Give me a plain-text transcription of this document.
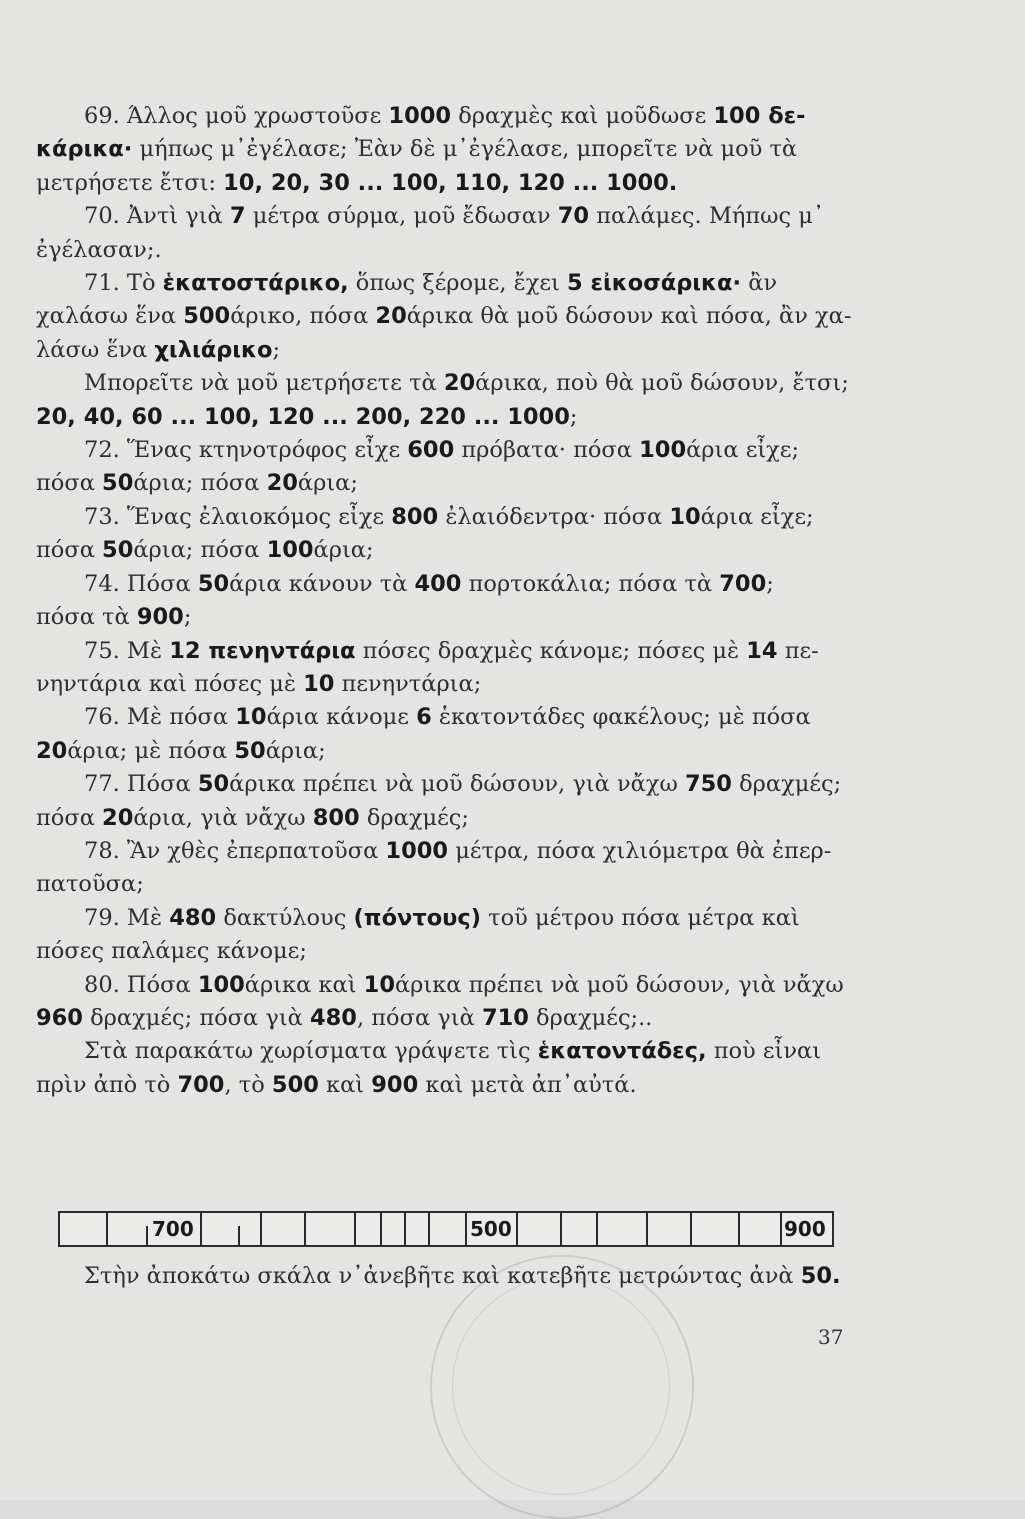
69. Άλλος μοῦ χρωστοῦσε 1000 δραχμὲς καὶ μοῦδωσε 100 δε-

κάρικα· μήπως μ᾽ἐγέλασε; Ἐὰν δὲ μ᾽ἐγέλασε, μπορεῖτε νὰ μοῦ τὰ

μετρήσετε ἔτσι: 10, 20, 30 ... 100, 110, 120 ... 1000.

70. Ἀντὶ γιὰ 7 μέτρα σύρμα, μοῦ ἔδωσαν 70 παλάμες. Μήπως μ᾽

ἐγέλασαν;.

71. Τὸ ἑκατοστάρικο, ὅπως ξέρομε, ἔχει 5 εἰκοσάρικα· ἂν

χαλάσω ἕνα 500άρικο, πόσα 20άρικα θὰ μοῦ δώσουν καὶ πόσα, ἂν χα-

λάσω ἕνα χιλιάρικο;

Μπορεῖτε νὰ μοῦ μετρήσετε τὰ 20άρικα, ποὺ θὰ μοῦ δώσουν, ἔτσι;

20, 40, 60 ... 100, 120 ... 200, 220 ... 1000;

72. Ἕνας κτηνοτρόφος εἶχε 600 πρόβατα· πόσα 100άρια εἶχε;

πόσα 50άρια; πόσα 20άρια;

73. Ἕνας ἐλαιοκόμος εἶχε 800 ἐλαιόδεντρα· πόσα 10άρια εἶχε;

πόσα 50άρια; πόσα 100άρια;

74. Πόσα 50άρια κάνουν τὰ 400 πορτοκάλια; πόσα τὰ 700;

πόσα τὰ 900;

75. Μὲ 12 πενηντάρια πόσες δραχμὲς κάνομε; πόσες μὲ 14 πε-

νηντάρια καὶ πόσες μὲ 10 πενηντάρια;

76. Μὲ πόσα 10άρια κάνομε 6 ἑκατοντάδες φακέλους; μὲ πόσα

20άρια; μὲ πόσα 50άρια;

77. Πόσα 50άρικα πρέπει νὰ μοῦ δώσουν, γιὰ νἄχω 750 δραχμές;

πόσα 20άρια, γιὰ νἄχω 800 δραχμές;

78. Ἂν χθὲς ἐπερπατοῦσα 1000 μέτρα, πόσα χιλιόμετρα θὰ ἐπερ-

πατοῦσα;

79. Μὲ 480 δακτύλους (πόντους) τοῦ μέτρου πόσα μέτρα καὶ

πόσες παλάμες κάνομε;

80. Πόσα 100άρικα καὶ 10άρικα πρέπει νὰ μοῦ δώσουν, γιὰ νἄχω

960 δραχμές; πόσα γιὰ 480, πόσα γιὰ 710 δραχμές;..

Στὰ παρακάτω χωρίσματα γράψετε τὶς ἑκατοντάδες, ποὺ εἶναι

πρὶν ἀπὸ τὸ 700, τὸ 500 καὶ 900 καὶ μετὰ ἀπ᾽αὐτά.

700	500	900

Στὴν ἀποκάτω σκάλα ν᾽ἀνεβῆτε καὶ κατεβῆτε μετρώντας ἀνὰ 50.

37
